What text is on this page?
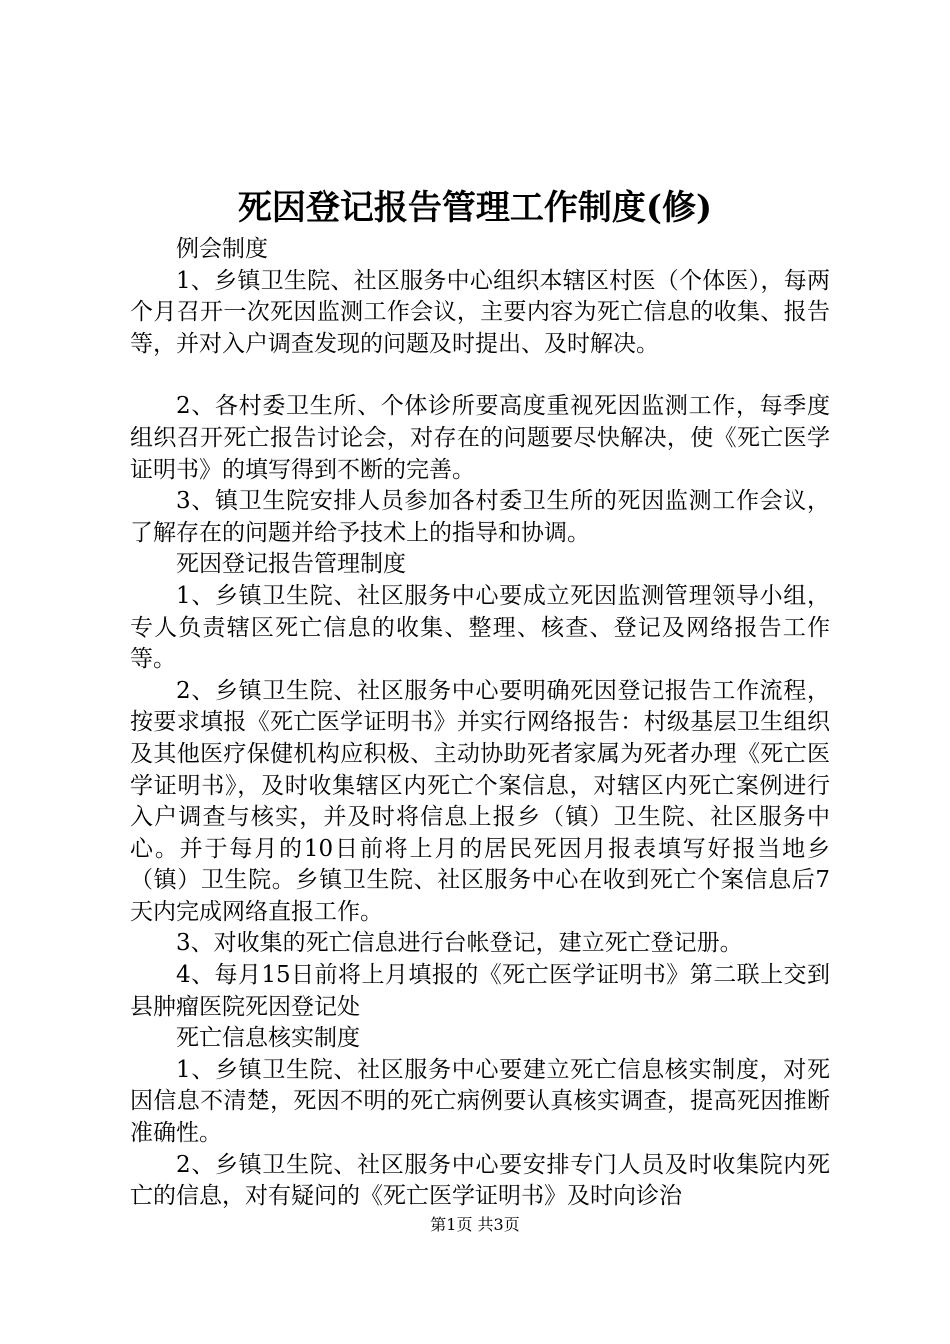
死因登记报告管理工作制度(修)

例会制度

1、乡镇卫生院、社区服务中心组织本辖区村医（个体医），每两个月召开一次死因监测工作会议，主要内容为死亡信息的收集、报告等，并对入户调查发现的问题及时提出、及时解决。

2、各村委卫生所、个体诊所要高度重视死因监测工作，每季度组织召开死亡报告讨论会，对存在的问题要尽快解决，使《死亡医学证明书》的填写得到不断的完善。

3、镇卫生院安排人员参加各村委卫生所的死因监测工作会议，了解存在的问题并给予技术上的指导和协调。

死因登记报告管理制度

1、乡镇卫生院、社区服务中心要成立死因监测管理领导小组，专人负责辖区死亡信息的收集、整理、核查、登记及网络报告工作等。

2、乡镇卫生院、社区服务中心要明确死因登记报告工作流程，按要求填报《死亡医学证明书》并实行网络报告：村级基层卫生组织及其他医疗保健机构应积极、主动协助死者家属为死者办理《死亡医学证明书》，及时收集辖区内死亡个案信息，对辖区内死亡案例进行入户调查与核实，并及时将信息上报乡（镇）卫生院、社区服务中心。并于每月的10日前将上月的居民死因月报表填写好报当地乡（镇）卫生院。乡镇卫生院、社区服务中心在收到死亡个案信息后7天内完成网络直报工作。

3、对收集的死亡信息进行台帐登记，建立死亡登记册。

4、每月15日前将上月填报的《死亡医学证明书》第二联上交到县肿瘤医院死因登记处

死亡信息核实制度

1、乡镇卫生院、社区服务中心要建立死亡信息核实制度，对死因信息不清楚，死因不明的死亡病例要认真核实调查，提高死因推断准确性。

2、乡镇卫生院、社区服务中心要安排专门人员及时收集院内死亡的信息，对有疑问的《死亡医学证明书》及时向诊治

第1页 共3页
